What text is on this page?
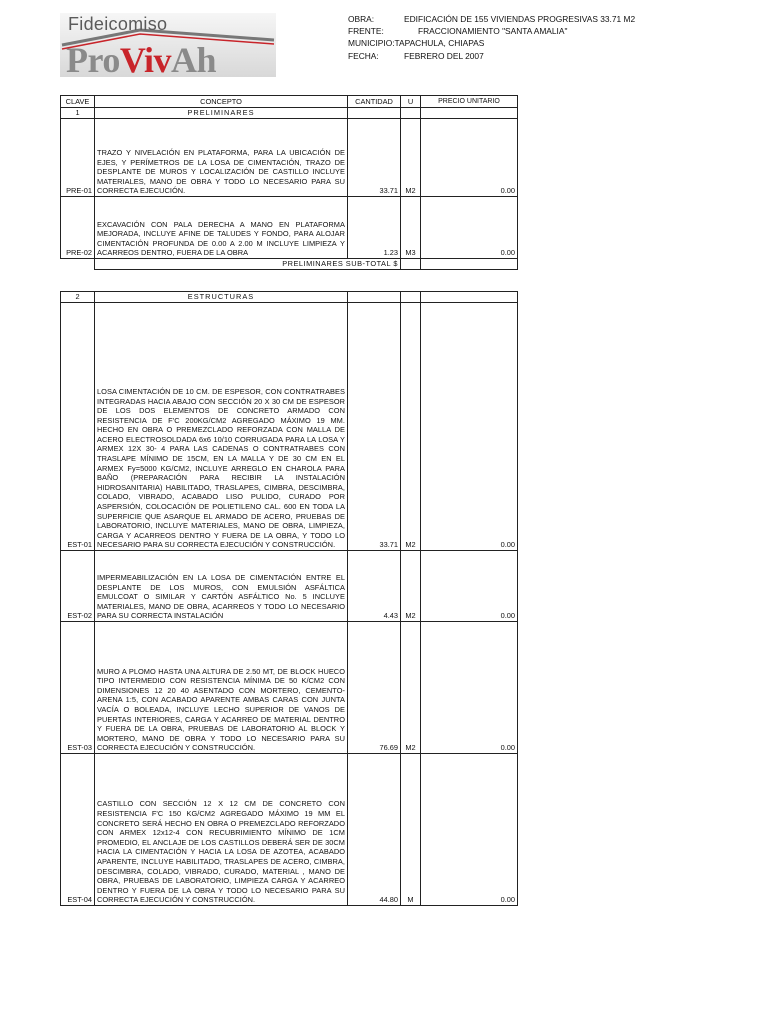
Fideicomiso
ProVivAh
OBRA:	EDIFICACIÓN DE 155 VIVIENDAS PROGRESIVAS 33.71 M2
FRENTE:	FRACCIONAMIENTO "SANTA AMALIA"
MUNICIPIO: TAPACHULA, CHIAPAS
FECHA:	FEBRERO DEL 2007
CLAVE	CONCEPTO	CANTIDAD	U	PRECIO UNITARIO
1	PRELIMINARES			
PRE-01	TRAZO Y NIVELACIÓN EN PLATAFORMA, PARA LA UBICACIÓN DE EJES, Y PERÍMETROS DE LA LOSA DE CIMENTACIÓN, TRAZO DE DESPLANTE DE MUROS Y LOCALIZACIÓN DE CASTILLO INCLUYE MATERIALES, MANO DE OBRA Y TODO LO NECESARIO PARA SU CORRECTA EJECUCIÓN.	33.71	M2	0.00
PRE-02	EXCAVACIÓN CON PALA DERECHA A MANO EN PLATAFORMA MEJORADA, INCLUYE AFINE DE TALUDES Y FONDO, PARA ALOJAR CIMENTACIÓN PROFUNDA DE 0.00 A 2.00 M INCLUYE LIMPIEZA Y ACARREOS DENTRO, FUERA DE LA OBRA	1.23	M3	0.00
	PRELIMINARES SUB-TOTAL $			
2	ESTRUCTURAS			
EST-01	LOSA CIMENTACIÓN DE 10 CM. DE ESPESOR, CON CONTRATRABES INTEGRADAS HACIA ABAJO CON SECCIÓN 20 X 30 CM DE ESPESOR DE LOS DOS ELEMENTOS DE CONCRETO ARMADO CON RESISTENCIA DE F'C 200KG/CM2 AGREGADO MÁXIMO 19 MM. HECHO EN OBRA O PREMEZCLADO REFORZADA CON MALLA DE ACERO ELECTROSOLDADA 6x6 10/10 CORRUGADA PARA LA LOSA Y ARMEX 12X 30- 4 PARA LAS CADENAS O CONTRATRABES CON TRASLAPE MÍNIMO DE 15CM, EN LA MALLA Y DE 30 CM EN EL ARMEX Fy=5000 KG/CM2, INCLUYE ARREGLO EN CHAROLA PARA BAÑO (PREPARACIÓN PARA RECIBIR LA INSTALACIÓN HIDROSANITARIA) HABILITADO, TRASLAPES, CIMBRA, DESCIMBRA, COLADO, VIBRADO, ACABADO LISO PULIDO, CURADO POR ASPERSIÓN, COLOCACIÓN DE POLIETILENO CAL. 600 EN TODA LA SUPERFICIE QUE ASARQUE EL ARMADO DE ACERO, PRUEBAS DE LABORATORIO, INCLUYE MATERIALES, MANO DE OBRA, LIMPIEZA, CARGA Y ACARREOS DENTRO Y FUERA DE LA OBRA, Y TODO LO NECESARIO PARA SU CORRECTA EJECUCIÓN Y CONSTRUCCIÓN.	33.71	M2	0.00
EST-02	IMPERMEABILIZACIÓN EN LA LOSA DE CIMENTACIÓN ENTRE EL DESPLANTE DE LOS MUROS, CON EMULSIÓN ASFÁLTICA EMULCOAT O SIMILAR Y CARTÓN ASFÁLTICO No. 5 INCLUYE MATERIALES, MANO DE OBRA, ACARREOS Y TODO LO NECESARIO PARA SU CORRECTA INSTALACIÓN	4.43	M2	0.00
EST-03	MURO A PLOMO HASTA UNA ALTURA DE 2.50 MT, DE BLOCK HUECO TIPO INTERMEDIO CON RESISTENCIA MÍNIMA DE 50 K/CM2 CON DIMENSIONES 12 20 40 ASENTADO CON MORTERO, CEMENTO-ARENA 1:5, CON ACABADO APARENTE AMBAS CARAS CON JUNTA VACÍA O BOLEADA, INCLUYE LECHO SUPERIOR DE VANOS DE PUERTAS INTERIORES, CARGA Y ACARREO DE MATERIAL DENTRO Y FUERA DE LA OBRA, PRUEBAS DE LABORATORIO AL BLOCK Y MORTERO, MANO DE OBRA Y TODO LO NECESARIO PARA SU CORRECTA EJECUCIÓN Y CONSTRUCCIÓN.	76.69	M2	0.00
EST-04	CASTILLO CON SECCIÓN 12 X 12 CM DE CONCRETO CON RESISTENCIA F'C 150 KG/CM2 AGREGADO MÁXIMO 19 MM EL CONCRETO SERÁ HECHO EN OBRA O PREMEZCLADO REFORZADO CON ARMEX 12x12-4 CON RECUBRIMIENTO MÍNIMO DE 1CM PROMEDIO, EL ANCLAJE DE LOS CASTILLOS DEBERÁ SER DE 30CM HACIA LA CIMENTACIÓN Y HACIA LA LOSA DE AZOTEA, ACABADO APARENTE, INCLUYE HABILITADO, TRASLAPES DE ACERO, CIMBRA, DESCIMBRA, COLADO, VIBRADO, CURADO, MATERIAL , MANO DE OBRA, PRUEBAS DE LABORATORIO, LIMPIEZA CARGA Y ACARREO DENTRO Y FUERA DE LA OBRA Y TODO LO NECESARIO PARA SU CORRECTA EJECUCIÓN Y CONSTRUCCIÓN.	44.80	M	0.00
